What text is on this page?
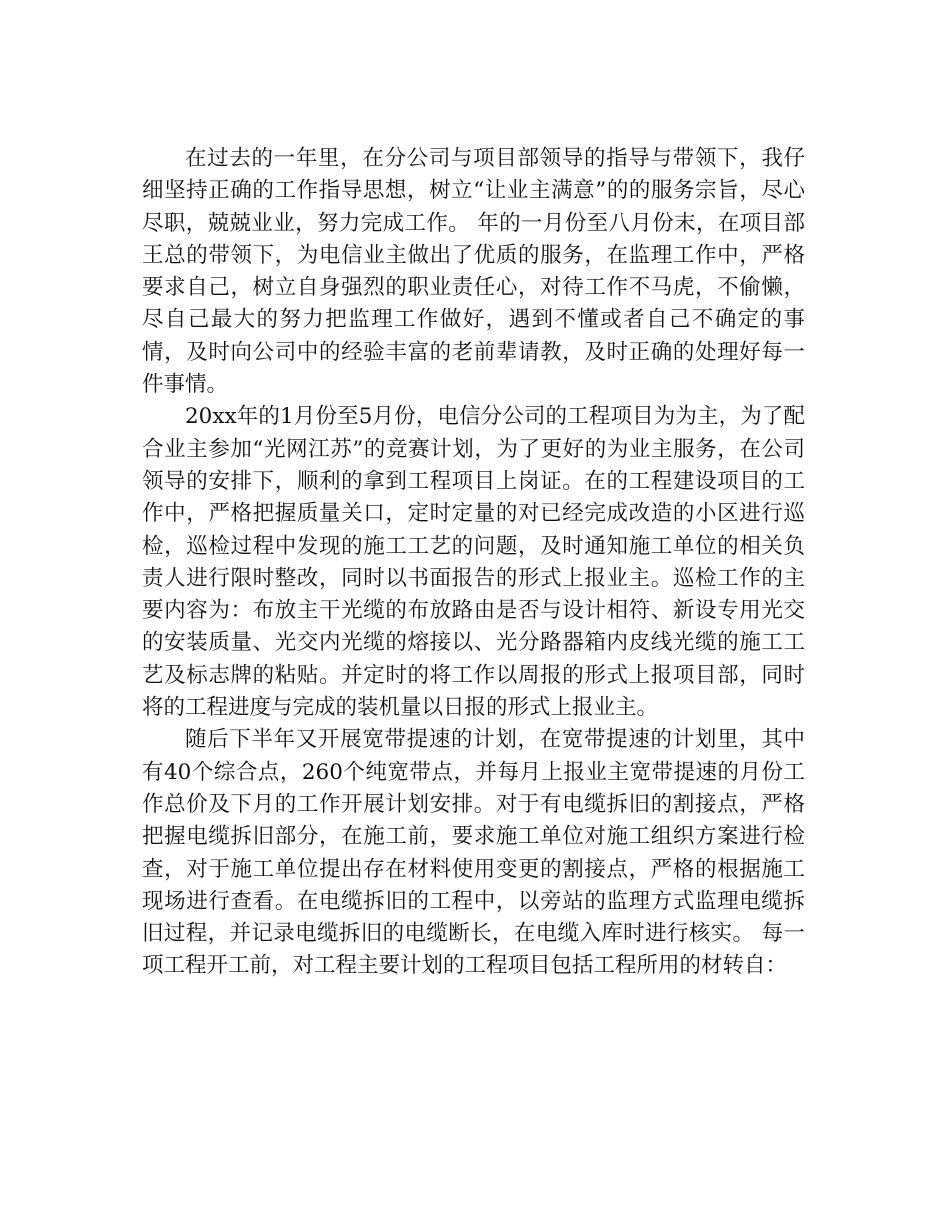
在过去的一年里，在分公司与项目部领导的指导与带领下，我仔细坚持正确的工作指导思想，树立“让业主满意”的的服务宗旨，尽心尽职，兢兢业业，努力完成工作。 年的一月份至八月份末，在项目部王总的带领下，为电信业主做出了优质的服务，在监理工作中，严格要求自己，树立自身强烈的职业责任心，对待工作不马虎，不偷懒，尽自己最大的努力把监理工作做好，遇到不懂或者自己不确定的事情，及时向公司中的经验丰富的老前辈请教，及时正确的处理好每一件事情。

20xx年的1月份至5月份，电信分公司的工程项目为为主，为了配合业主参加“光网江苏”的竞赛计划，为了更好的为业主服务，在公司领导的安排下，顺利的拿到工程项目上岗证。在的工程建设项目的工作中，严格把握质量关口，定时定量的对已经完成改造的小区进行巡检，巡检过程中发现的施工工艺的问题，及时通知施工单位的相关负责人进行限时整改，同时以书面报告的形式上报业主。巡检工作的主要内容为：布放主干光缆的布放路由是否与设计相符、新设专用光交的安装质量、光交内光缆的熔接以、光分路器箱内皮线光缆的施工工艺及标志牌的粘贴。并定时的将工作以周报的形式上报项目部，同时将的工程进度与完成的装机量以日报的形式上报业主。

随后下半年又开展宽带提速的计划，在宽带提速的计划里，其中有40个综合点，260个纯宽带点，并每月上报业主宽带提速的月份工作总价及下月的工作开展计划安排。对于有电缆拆旧的割接点，严格把握电缆拆旧部分，在施工前，要求施工单位对施工组织方案进行检查，对于施工单位提出存在材料使用变更的割接点，严格的根据施工现场进行查看。在电缆拆旧的工程中，以旁站的监理方式监理电缆拆旧过程，并记录电缆拆旧的电缆断长，在电缆入库时进行核实。 每一项工程开工前，对工程主要计划的工程项目包括工程所用的材转自：
